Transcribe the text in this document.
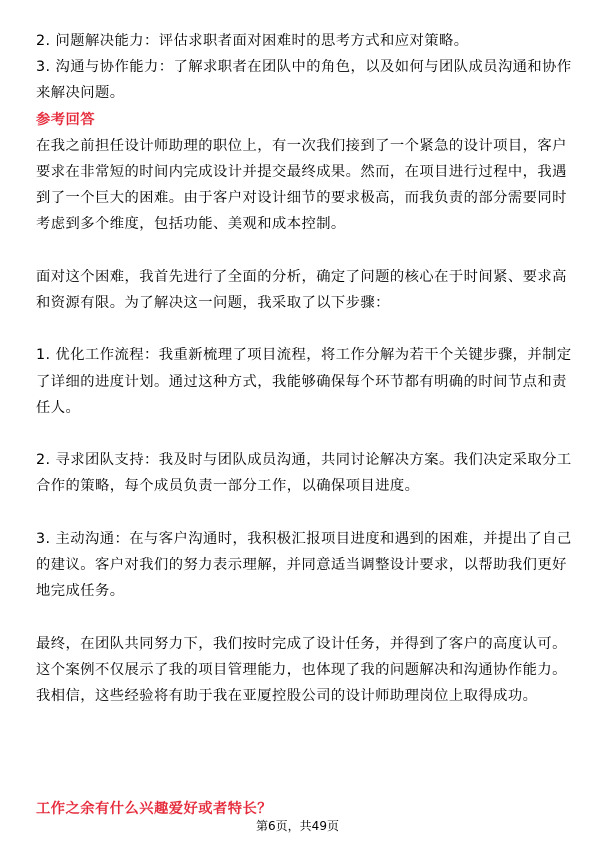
2. 问题解决能力：评估求职者面对困难时的思考方式和应对策略。
3. 沟通与协作能力：了解求职者在团队中的角色，以及如何与团队成员沟通和协作
来解决问题。
参考回答
在我之前担任设计师助理的职位上，有一次我们接到了一个紧急的设计项目，客户
要求在非常短的时间内完成设计并提交最终成果。然而，在项目进行过程中，我遇
到了一个巨大的困难。由于客户对设计细节的要求极高，而我负责的部分需要同时
考虑到多个维度，包括功能、美观和成本控制。
面对这个困难，我首先进行了全面的分析，确定了问题的核心在于时间紧、要求高
和资源有限。为了解决这一问题，我采取了以下步骤：
1. 优化工作流程：我重新梳理了项目流程，将工作分解为若干个关键步骤，并制定
了详细的进度计划。通过这种方式，我能够确保每个环节都有明确的时间节点和责
任人。
2. 寻求团队支持：我及时与团队成员沟通，共同讨论解决方案。我们决定采取分工
合作的策略，每个成员负责一部分工作，以确保项目进度。
3. 主动沟通：在与客户沟通时，我积极汇报项目进度和遇到的困难，并提出了自己
的建议。客户对我们的努力表示理解，并同意适当调整设计要求，以帮助我们更好
地完成任务。
最终，在团队共同努力下，我们按时完成了设计任务，并得到了客户的高度认可。
这个案例不仅展示了我的项目管理能力，也体现了我的问题解决和沟通协作能力。
我相信，这些经验将有助于我在亚厦控股公司的设计师助理岗位上取得成功。
工作之余有什么兴趣爱好或者特长？
第6页，共49页
